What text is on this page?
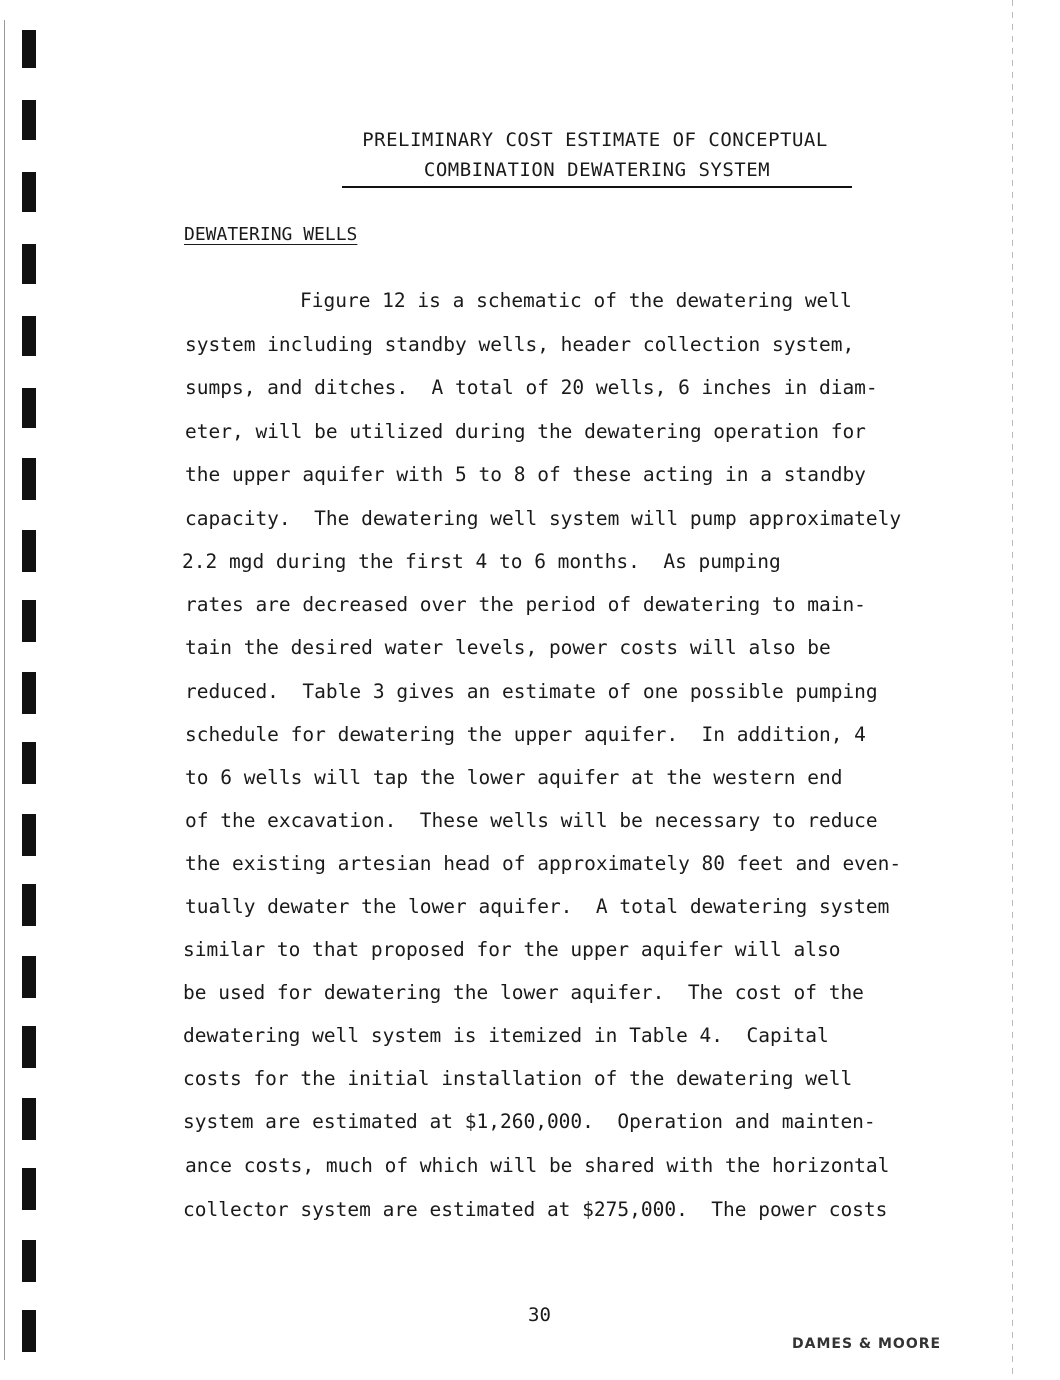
PRELIMINARY COST ESTIMATE OF CONCEPTUAL
COMBINATION DEWATERING SYSTEM
DEWATERING WELLS
Figure 12 is a schematic of the dewatering well
system including standby wells, header collection system,
sumps, and ditches.  A total of 20 wells, 6 inches in diam-
eter, will be utilized during the dewatering operation for
the upper aquifer with 5 to 8 of these acting in a standby
capacity.  The dewatering well system will pump approximately
2.2 mgd during the first 4 to 6 months.  As pumping
rates are decreased over the period of dewatering to main-
tain the desired water levels, power costs will also be
reduced.  Table 3 gives an estimate of one possible pumping
schedule for dewatering the upper aquifer.  In addition, 4
to 6 wells will tap the lower aquifer at the western end
of the excavation.  These wells will be necessary to reduce
the existing artesian head of approximately 80 feet and even-
tually dewater the lower aquifer.  A total dewatering system
similar to that proposed for the upper aquifer will also
be used for dewatering the lower aquifer.  The cost of the
dewatering well system is itemized in Table 4.  Capital
costs for the initial installation of the dewatering well
system are estimated at $1,260,000.  Operation and mainten-
ance costs, much of which will be shared with the horizontal
collector system are estimated at $275,000.  The power costs
30
DAMES & MOORE
